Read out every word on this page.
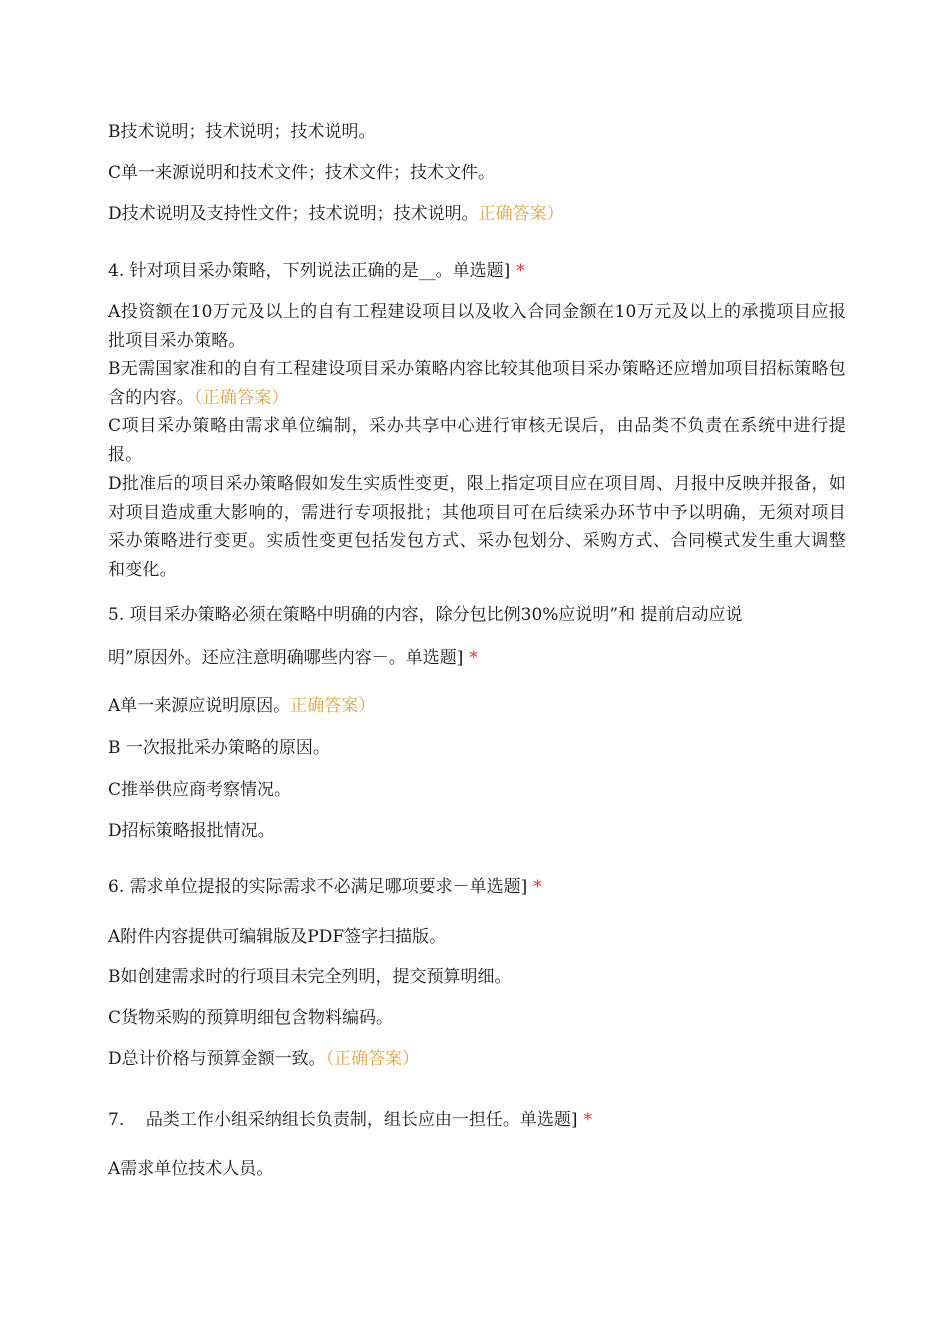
B技术说明；技术说明；技术说明。
C单一来源说明和技术文件；技术文件；技术文件。
D技术说明及支持性文件；技术说明；技术说明。正确答案）
4. 针对项目采办策略，下列说法正确的是__。单选题] *
A投资额在10万元及以上的自有工程建设项目以及收入合同金额在10万元及以上的承揽项目应报批项目采办策略。
B无需国家准和的自有工程建设项目采办策略内容比较其他项目采办策略还应增加项目招标策略包含的内容。（正确答案）
C项目采办策略由需求单位编制，采办共享中心进行审核无误后，由品类不负责在系统中进行提报。
D批准后的项目采办策略假如发生实质性变更，限上指定项目应在项目周、月报中反映并报备，如对项目造成重大影响的，需进行专项报批；其他项目可在后续采办环节中予以明确，无须对项目采办策略进行变更。实质性变更包括发包方式、采办包划分、采购方式、合同模式发生重大调整和变化。
5. 项目采办策略必须在策略中明确的内容，除分包比例30%应说明”和 提前启动应说
明”原因外。还应注意明确哪些内容－。单选题] *
A单一来源应说明原因。正确答案）
B 一次报批采办策略的原因。
C推举供应商考察情况。
D招标策略报批情况。
6. 需求单位提报的实际需求不必满足哪项要求－单选题] *
A附件内容提供可编辑版及PDF签字扫描版。
B如创建需求时的行项目未完全列明，提交预算明细。
C货物采购的预算明细包含物料编码。
D总计价格与预算金额一致。（正确答案）
7.    品类工作小组采纳组长负责制，组长应由一担任。单选题] *
A需求单位技术人员。
